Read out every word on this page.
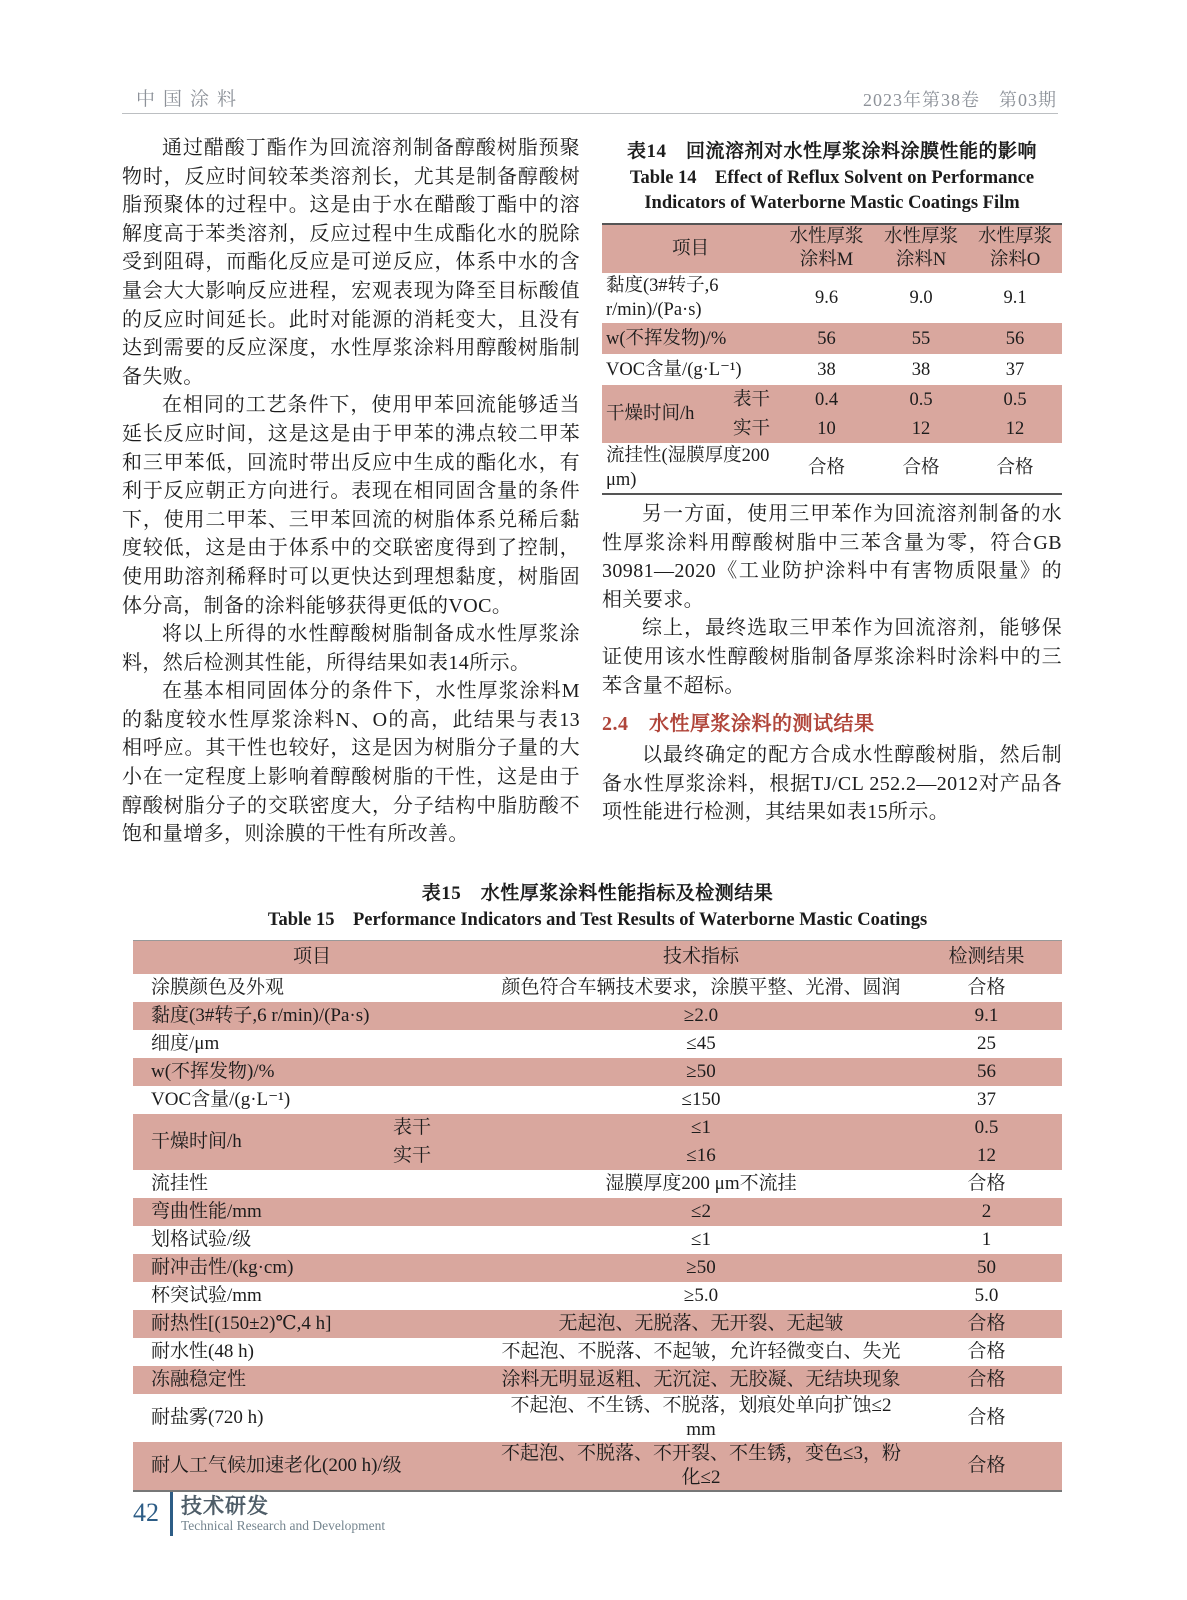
中国涂料	2023年第38卷　第03期

通过醋酸丁酯作为回流溶剂制备醇酸树脂预聚物时，反应时间较苯类溶剂长，尤其是制备醇酸树脂预聚体的过程中。这是由于水在醋酸丁酯中的溶解度高于苯类溶剂，反应过程中生成酯化水的脱除受到阻碍，而酯化反应是可逆反应，体系中水的含量会大大影响反应进程，宏观表现为降至目标酸值的反应时间延长。此时对能源的消耗变大，且没有达到需要的反应深度，水性厚浆涂料用醇酸树脂制备失败。

在相同的工艺条件下，使用甲苯回流能够适当延长反应时间，这是这是由于甲苯的沸点较二甲苯和三甲苯低，回流时带出反应中生成的酯化水，有利于反应朝正方向进行。表现在相同固含量的条件下，使用二甲苯、三甲苯回流的树脂体系兑稀后黏度较低，这是由于体系中的交联密度得到了控制，使用助溶剂稀释时可以更快达到理想黏度，树脂固体分高，制备的涂料能够获得更低的VOC。

将以上所得的水性醇酸树脂制备成水性厚浆涂料，然后检测其性能，所得结果如表14所示。

在基本相同固体分的条件下，水性厚浆涂料M的黏度较水性厚浆涂料N、O的高，此结果与表13相呼应。其干性也较好，这是因为树脂分子量的大小在一定程度上影响着醇酸树脂的干性，这是由于醇酸树脂分子的交联密度大，分子结构中脂肪酸不饱和量增多，则涂膜的干性有所改善。

表14　回流溶剂对水性厚浆涂料涂膜性能的影响
Table 14　Effect of Reflux Solvent on Performance
Indicators of Waterborne Mastic Coatings Film
项目		水性厚浆涂料M	水性厚浆涂料N	水性厚浆涂料O
黏度(3#转子,6 r/min)/(Pa·s)		9.6	9.0	9.1
w(不挥发物)/%		56	55	56
VOC含量/(g·L⁻¹)		38	38	37
干燥时间/h	表干	0.4	0.5	0.5
	实干	10	12	12
流挂性(湿膜厚度200 μm)		合格	合格	合格

另一方面，使用三甲苯作为回流溶剂制备的水性厚浆涂料用醇酸树脂中三苯含量为零，符合GB 30981—2020《工业防护涂料中有害物质限量》的相关要求。

综上，最终选取三甲苯作为回流溶剂，能够保证使用该水性醇酸树脂制备厚浆涂料时涂料中的三苯含量不超标。

2.4　水性厚浆涂料的测试结果

以最终确定的配方合成水性醇酸树脂，然后制备水性厚浆涂料，根据TJ/CL 252.2—2012对产品各项性能进行检测，其结果如表15所示。

表15　水性厚浆涂料性能指标及检测结果
Table 15　Performance Indicators and Test Results of Waterborne Mastic Coatings
项目		技术指标	检测结果
涂膜颜色及外观		颜色符合车辆技术要求，涂膜平整、光滑、圆润	合格
黏度(3#转子,6 r/min)/(Pa·s)		≥2.0	9.1
细度/μm		≤45	25
w(不挥发物)/%		≥50	56
VOC含量/(g·L⁻¹)		≤150	37
干燥时间/h	表干	≤1	0.5
	实干	≤16	12
流挂性		湿膜厚度200 μm不流挂	合格
弯曲性能/mm		≤2	2
划格试验/级		≤1	1
耐冲击性/(kg·cm)		≥50	50
杯突试验/mm		≥5.0	5.0
耐热性[(150±2)℃,4 h]		无起泡、无脱落、无开裂、无起皱	合格
耐水性(48 h)		不起泡、不脱落、不起皱，允许轻微变白、失光	合格
冻融稳定性		涂料无明显返粗、无沉淀、无胶凝、无结块现象	合格
耐盐雾(720 h)		不起泡、不生锈、不脱落，划痕处单向扩蚀≤2 mm	合格
耐人工气候加速老化(200 h)/级		不起泡、不脱落、不开裂、不生锈，变色≤3，粉化≤2	合格
42 技术研发
Technical Research and Development
